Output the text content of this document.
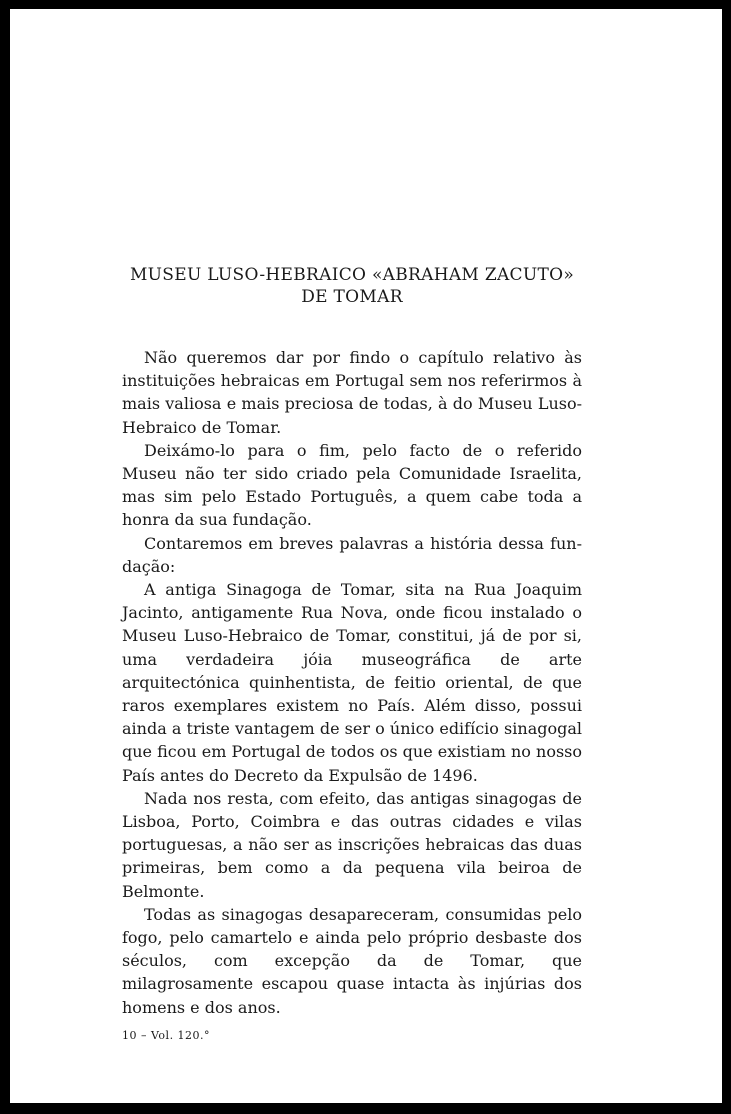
MUSEU LUSO-HEBRAICO «ABRAHAM ZACUTO»
DE TOMAR

Não queremos dar por findo o capítulo relativo às instituições hebraicas em Portugal sem nos referirmos à mais valiosa e mais preciosa de todas, à do Museu Luso-Hebraico de Tomar.

Deixámo-lo para o fim, pelo facto de o referido Museu não ter sido criado pela Comunidade Israelita, mas sim pelo Estado Português, a quem cabe toda a honra da sua fundação.

Contaremos em breves palavras a história dessa fundação:

A antiga Sinagoga de Tomar, sita na Rua Joaquim Jacinto, antigamente Rua Nova, onde ficou instalado o Museu Luso-Hebraico de Tomar, constitui, já de por si, uma verdadeira jóia museográfica de arte arquitectónica quinhentista, de feitio oriental, de que raros exemplares existem no País. Além disso, possui ainda a triste vantagem de ser o único edifício sinagogal que ficou em Portugal de todos os que existiam no nosso País antes do Decreto da Expulsão de 1496.

Nada nos resta, com efeito, das antigas sinagogas de Lisboa, Porto, Coimbra e das outras cidades e vilas portuguesas, a não ser as inscrições hebraicas das duas primeiras, bem como a da pequena vila beiroa de Belmonte.

Todas as sinagogas desapareceram, consumidas pelo fogo, pelo camartelo e ainda pelo próprio desbaste dos séculos, com excepção da de Tomar, que milagrosamente escapou quase intacta às injúrias dos homens e dos anos.

10 – Vol. 120.°
